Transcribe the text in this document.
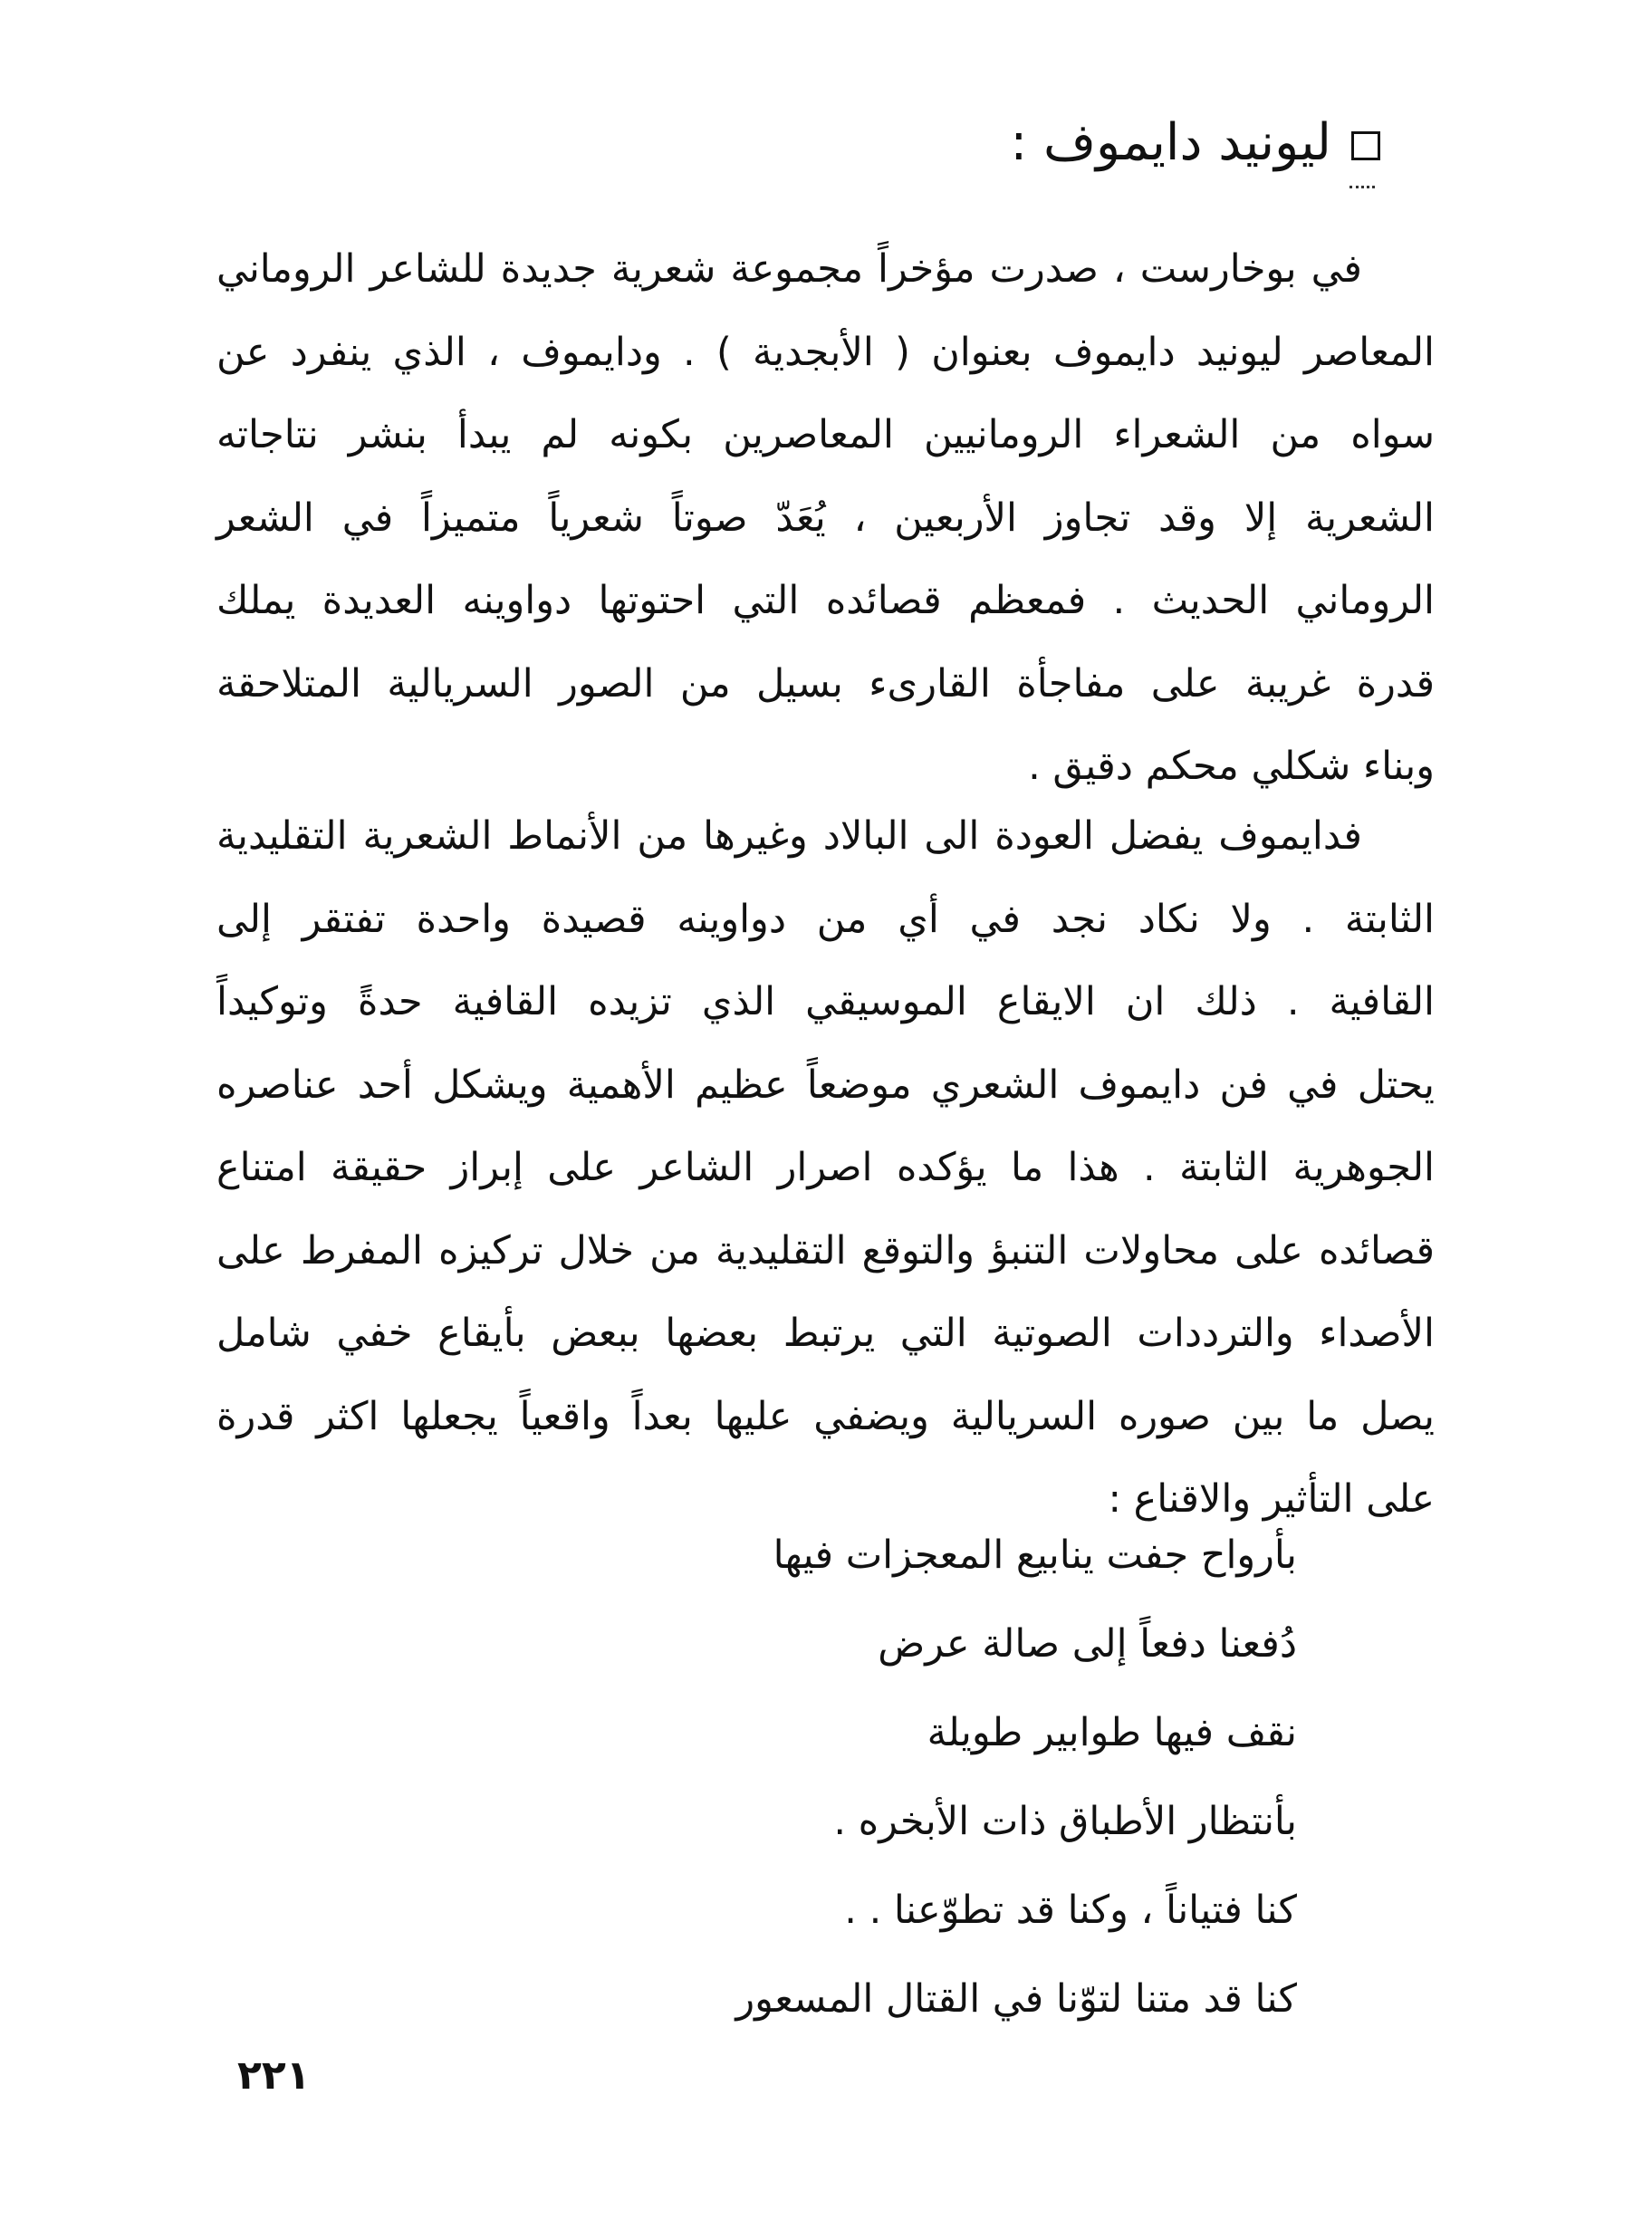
ليونيد دايموف :
في بوخارست ، صدرت مؤخراً مجموعة شعرية جديدة للشاعر الروماني
المعاصر ليونيد دايموف بعنوان ( الأبجدية ) . ودايموف ، الذي ينفرد عن
سواه من الشعراء الرومانيين المعاصرين بكونه لم يبدأ بنشر نتاجاته
الشعرية إلا وقد تجاوز الأربعين ، يُعَدّ صوتاً شعرياً متميزاً في الشعر
الروماني الحديث . فمعظم قصائده التي احتوتها دواوينه العديدة يملك
قدرة غريبة على مفاجأة القارىء بسيل من الصور السريالية المتلاحقة
وبناء شكلي محكم دقيق .
فدايموف يفضل العودة الى البالاد وغيرها من الأنماط الشعرية التقليدية
الثابتة . ولا نكاد نجد في أي من دواوينه قصيدة واحدة تفتقر إلى
القافية . ذلك ان الايقاع الموسيقي الذي تزيده القافية حدةً وتوكيداً
يحتل في فن دايموف الشعري موضعاً عظيم الأهمية ويشكل أحد عناصره
الجوهرية الثابتة . هذا ما يؤكده اصرار الشاعر على إبراز حقيقة امتناع
قصائده على محاولات التنبؤ والتوقع التقليدية من خلال تركيزه المفرط على
الأصداء والترددات الصوتية التي يرتبط بعضها ببعض بأيقاع خفي شامل
يصل ما بين صوره السريالية ويضفي عليها بعداً واقعياً يجعلها اكثر قدرة
على التأثير والاقناع :
بأرواح جفت ينابيع المعجزات فيها
دُفعنا دفعاً إلى صالة عرض
نقف فيها طوابير طويلة
بأنتظار الأطباق ذات الأبخره .
كنا فتياناً ، وكنا قد تطوّعنا . .
كنا قد متنا لتوّنا في القتال المسعور
٢٢١
